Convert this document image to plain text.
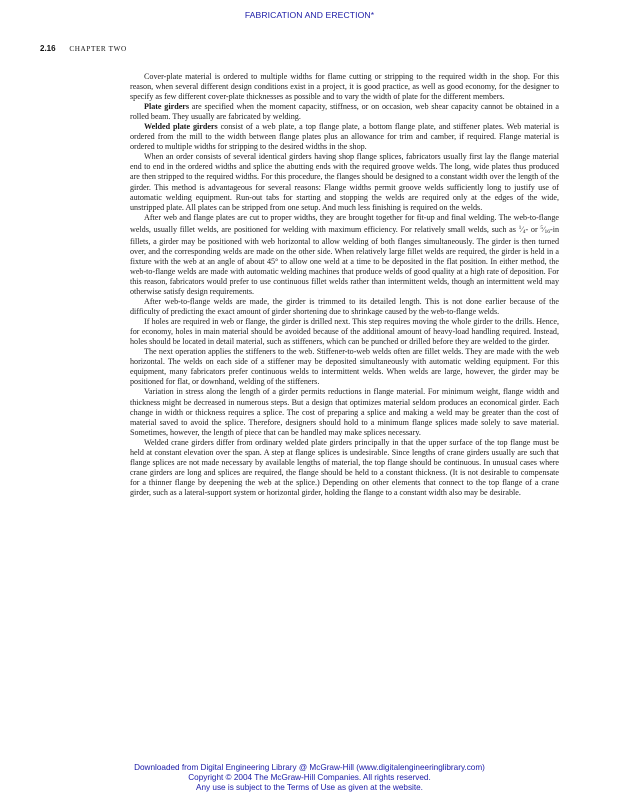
FABRICATION AND ERECTION*
2.16 CHAPTER TWO

Cover-plate material is ordered to multiple widths for flame cutting or stripping to the required width in the shop. For this reason, when several different design conditions exist in a project, it is good practice, as well as good economy, for the designer to specify as few different cover-plate thicknesses as possible and to vary the width of plate for the different members.

Plate girders are specified when the moment capacity, stiffness, or on occasion, web shear capacity cannot be obtained in a rolled beam. They usually are fabricated by welding.

Welded plate girders consist of a web plate, a top flange plate, a bottom flange plate, and stiffener plates. Web material is ordered from the mill to the width between flange plates plus an allowance for trim and camber, if required. Flange material is ordered to multiple widths for stripping to the desired widths in the shop.

When an order consists of several identical girders having shop flange splices, fabricators usually first lay the flange material end to end in the ordered widths and splice the abutting ends with the required groove welds. The long, wide plates thus produced are then stripped to the required widths. For this procedure, the flanges should be designed to a constant width over the length of the girder. This method is advantageous for several reasons: Flange widths permit groove welds sufficiently long to justify use of automatic welding equipment. Run-out tabs for starting and stopping the welds are required only at the edges of the wide, unstripped plate. All plates can be stripped from one setup. And much less finishing is required on the welds.

After web and flange plates are cut to proper widths, they are brought together for fit-up and final welding. The web-to-flange welds, usually fillet welds, are positioned for welding with maximum efficiency. For relatively small welds, such as $^1⁄_4-$ or $^5⁄_{16}-in$ fillets, a girder may be positioned with web horizontal to allow welding of both flanges simultaneously. The girder is then turned over, and the corresponding welds are made on the other side. When relatively large fillet welds are required, the girder is held in a fixture with the web at an angle of about 45° to allow one weld at a time to be deposited in the flat position. In either method, the web-to-flange welds are made with automatic welding machines that produce welds of good quality at a high rate of deposition. For this reason, fabricators would prefer to use continuous fillet welds rather than intermittent welds, though an intermittent weld may otherwise satisfy design requirements.

After web-to-flange welds are made, the girder is trimmed to its detailed length. This is not done earlier because of the difficulty of predicting the exact amount of girder shortening due to shrinkage caused by the web-to-flange welds.

If holes are required in web or flange, the girder is drilled next. This step requires moving the whole girder to the drills. Hence, for economy, holes in main material should be avoided because of the additional amount of heavy-load handling required. Instead, holes should be located in detail material, such as stiffeners, which can be punched or drilled before they are welded to the girder.

The next operation applies the stiffeners to the web. Stiffener-to-web welds often are fillet welds. They are made with the web horizontal. The welds on each side of a stiffener may be deposited simultaneously with automatic welding equipment. For this equipment, many fabricators prefer continuous welds to intermittent welds. When welds are large, however, the girder may be positioned for flat, or downhand, welding of the stiffeners.

Variation in stress along the length of a girder permits reductions in flange material. For minimum weight, flange width and thickness might be decreased in numerous steps. But a design that optimizes material seldom produces an economical girder. Each change in width or thickness requires a splice. The cost of preparing a splice and making a weld may be greater than the cost of material saved to avoid the splice. Therefore, designers should hold to a minimum flange splices made solely to save material. Sometimes, however, the length of piece that can be handled may make splices necessary.

Welded crane girders differ from ordinary welded plate girders principally in that the upper surface of the top flange must be held at constant elevation over the span. A step at flange splices is undesirable. Since lengths of crane girders usually are such that flange splices are not made necessary by available lengths of material, the top flange should be continuous. In unusual cases where crane girders are long and splices are required, the flange should be held to a constant thickness. (It is not desirable to compensate for a thinner flange by deepening the web at the splice.) Depending on other elements that connect to the top flange of a crane girder, such as a lateral-support system or horizontal girder, holding the flange to a constant width also may be desirable.

Downloaded from Digital Engineering Library @ McGraw-Hill (www.digitalengineeringlibrary.com)
Copyright © 2004 The McGraw-Hill Companies. All rights reserved.
Any use is subject to the Terms of Use as given at the website.
